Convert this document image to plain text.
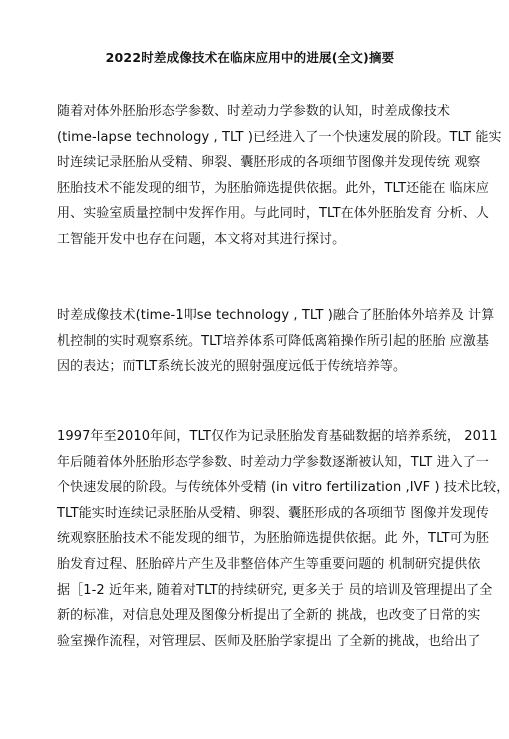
2022时差成像技术在临床应用中的进展(全文)摘要
随着对体外胚胎形态学参数、时差动力学参数的认知，时差成像技术
(time-lapse technology , TLT )已经进入了一个快速发展的阶段。TLT 能实
时连续记录胚胎从受精、卵裂、囊胚形成的各项细节图像并发现传统 观察
胚胎技术不能发现的细节，为胚胎筛选提供依据。此外，TLT还能在 临床应
用、实验室质量控制中发挥作用。与此同时，TLT在体外胚胎发育 分析、人
工智能开发中也存在问题，本文将对其进行探讨。
时差成像技术(time-1叩se technology , TLT )融合了胚胎体外培养及 计算
机控制的实时观察系统。TLT培养体系可降低离箱操作所引起的胚胎 应激基
因的表达；而TLT系统长波光的照射强度远低于传统培养等。
1997年至2010年间，TLT仅作为记录胚胎发育基础数据的培养系统， 2011
年后随着体外胚胎形态学参数、时差动力学参数逐渐被认知，TLT 进入了一
个快速发展的阶段。与传统体外受精 (in vitro fertilization ,IVF ) 技术比较，
TLT能实时连续记录胚胎从受精、卵裂、囊胚形成的各项细节 图像并发现传
统观察胚胎技术不能发现的细节，为胚胎筛选提供依据。此 外，TLT可为胚
胎发育过程、胚胎碎片产生及非整倍体产生等重要问题的 机制研究提供依
据［1-2 近年来, 随着对TLT的持续研究, 更多关于 员的培训及管理提出了全
新的标准，对信息处理及图像分析提出了全新的 挑战，也改变了日常的实
验室操作流程，对管理层、医师及胚胎学家提出 了全新的挑战，也给出了
